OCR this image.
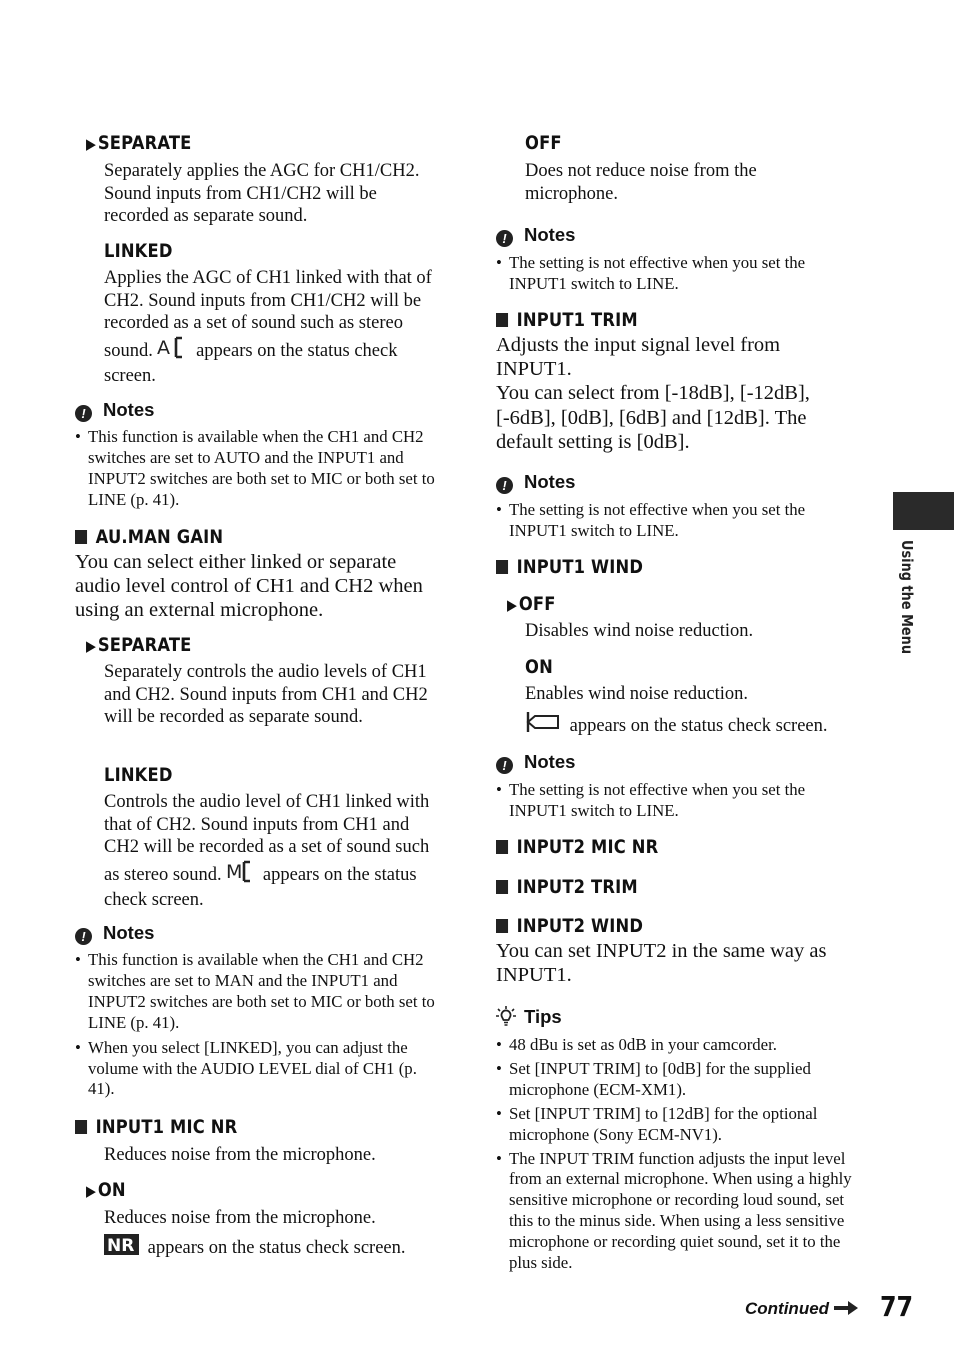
▶SEPARATE
Separately applies the AGC for CH1/CH2. Sound inputs from CH1/CH2 will be recorded as separate sound.
LINKED
Applies the AGC of CH1 linked with that of CH2. Sound inputs from CH1/CH2 will be recorded as a set of sound such as stereo sound. A appears on the status check screen.
! Notes
• This function is available when the CH1 and CH2 switches are set to AUTO and the INPUT1 and INPUT2 switches are both set to MIC or both set to LINE (p. 41).
AU.MAN GAIN
You can select either linked or separate audio level control of CH1 and CH2 when using an external microphone.
▶SEPARATE
Separately controls the audio levels of CH1 and CH2. Sound inputs from CH1 and CH2 will be recorded as separate sound.
LINKED
Controls the audio level of CH1 linked with that of CH2. Sound inputs from CH1 and CH2 will be recorded as a set of sound such as stereo sound. M appears on the status check screen.
! Notes
• This function is available when the CH1 and CH2 switches are set to MAN and the INPUT1 and INPUT2 switches are both set to MIC or both set to LINE (p. 41).
• When you select [LINKED], you can adjust the volume with the AUDIO LEVEL dial of CH1 (p. 41).
INPUT1 MIC NR
Reduces noise from the microphone.
▶ON
Reduces noise from the microphone.
NR appears on the status check screen.
OFF
Does not reduce noise from the microphone.
! Notes
• The setting is not effective when you set the INPUT1 switch to LINE.
INPUT1 TRIM
Adjusts the input signal level from INPUT1.
You can select from [-18dB], [-12dB], [-6dB], [0dB], [6dB] and [12dB]. The default setting is [0dB].
! Notes
• The setting is not effective when you set the INPUT1 switch to LINE.
INPUT1 WIND
▶OFF
Disables wind noise reduction.
ON
Enables wind noise reduction.
appears on the status check screen.
! Notes
• The setting is not effective when you set the INPUT1 switch to LINE.
INPUT2 MIC NR
INPUT2 TRIM
INPUT2 WIND
You can set INPUT2 in the same way as INPUT1.
Tips
• 48 dBu is set as 0dB in your camcorder.
• Set [INPUT TRIM] to [0dB] for the supplied microphone (ECM-XM1).
• Set [INPUT TRIM] to [12dB] for the optional microphone (Sony ECM-NV1).
• The INPUT TRIM function adjusts the input level from an external microphone. When using a highly sensitive microphone or recording loud sound, set this to the minus side. When using a less sensitive microphone or recording quiet sound, set it to the plus side.
Using the Menu
Continued	77
